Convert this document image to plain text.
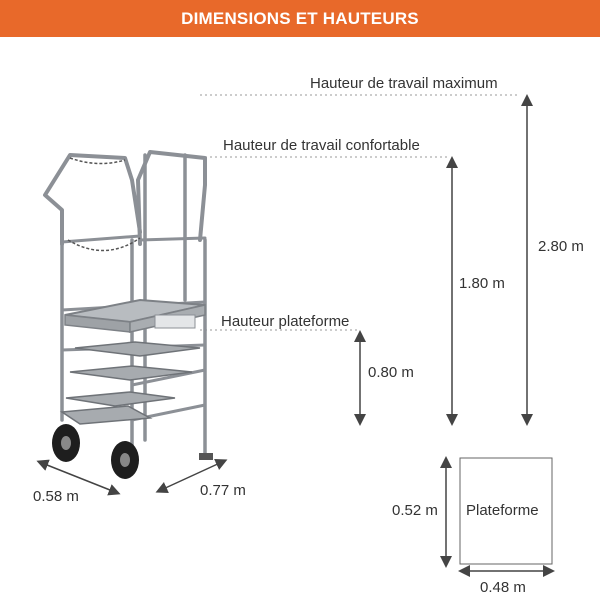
DIMENSIONS ET HAUTEURS
Hauteur de travail maximum
Hauteur de travail confortable
Hauteur plateforme
2.80 m
1.80 m
0.80 m
0.58 m	0.77 m
Plateforme
0.52 m
0.48 m
